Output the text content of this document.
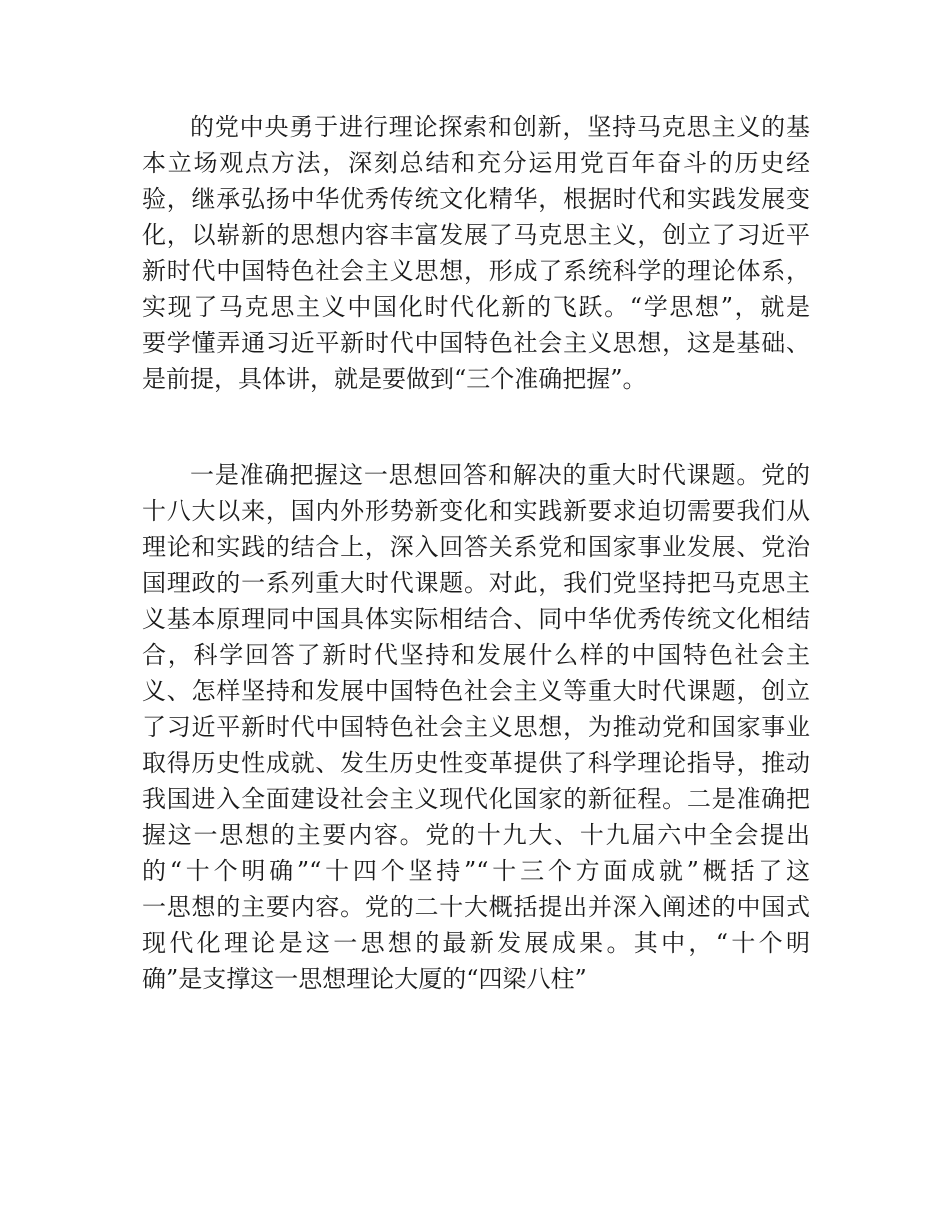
的党中央勇于进行理论探索和创新，坚持马克思主义的基
本立场观点方法，深刻总结和充分运用党百年奋斗的历史经
验，继承弘扬中华优秀传统文化精华，根据时代和实践发展变
化，以崭新的思想内容丰富发展了马克思主义，创立了习近平
新时代中国特色社会主义思想，形成了系统科学的理论体系，
实现了马克思主义中国化时代化新的飞跃。“学思想”，就是
要学懂弄通习近平新时代中国特色社会主义思想，这是基础、
是前提，具体讲，就是要做到“三个准确把握”。
一是准确把握这一思想回答和解决的重大时代课题。党的
十八大以来，国内外形势新变化和实践新要求迫切需要我们从
理论和实践的结合上，深入回答关系党和国家事业发展、党治
国理政的一系列重大时代课题。对此，我们党坚持把马克思主
义基本原理同中国具体实际相结合、同中华优秀传统文化相结
合，科学回答了新时代坚持和发展什么样的中国特色社会主
义、怎样坚持和发展中国特色社会主义等重大时代课题，创立
了习近平新时代中国特色社会主义思想，为推动党和国家事业
取得历史性成就、发生历史性变革提供了科学理论指导，推动
我国进入全面建设社会主义现代化国家的新征程。二是准确把
握这一思想的主要内容。党的十九大、十九届六中全会提出
的“十个明确”“十四个坚持”“十三个方面成就”概括了这
一思想的主要内容。党的二十大概括提出并深入阐述的中国式
现代化理论是这一思想的最新发展成果。其中，“十个明
确”是支撑这一思想理论大厦的“四梁八柱”
